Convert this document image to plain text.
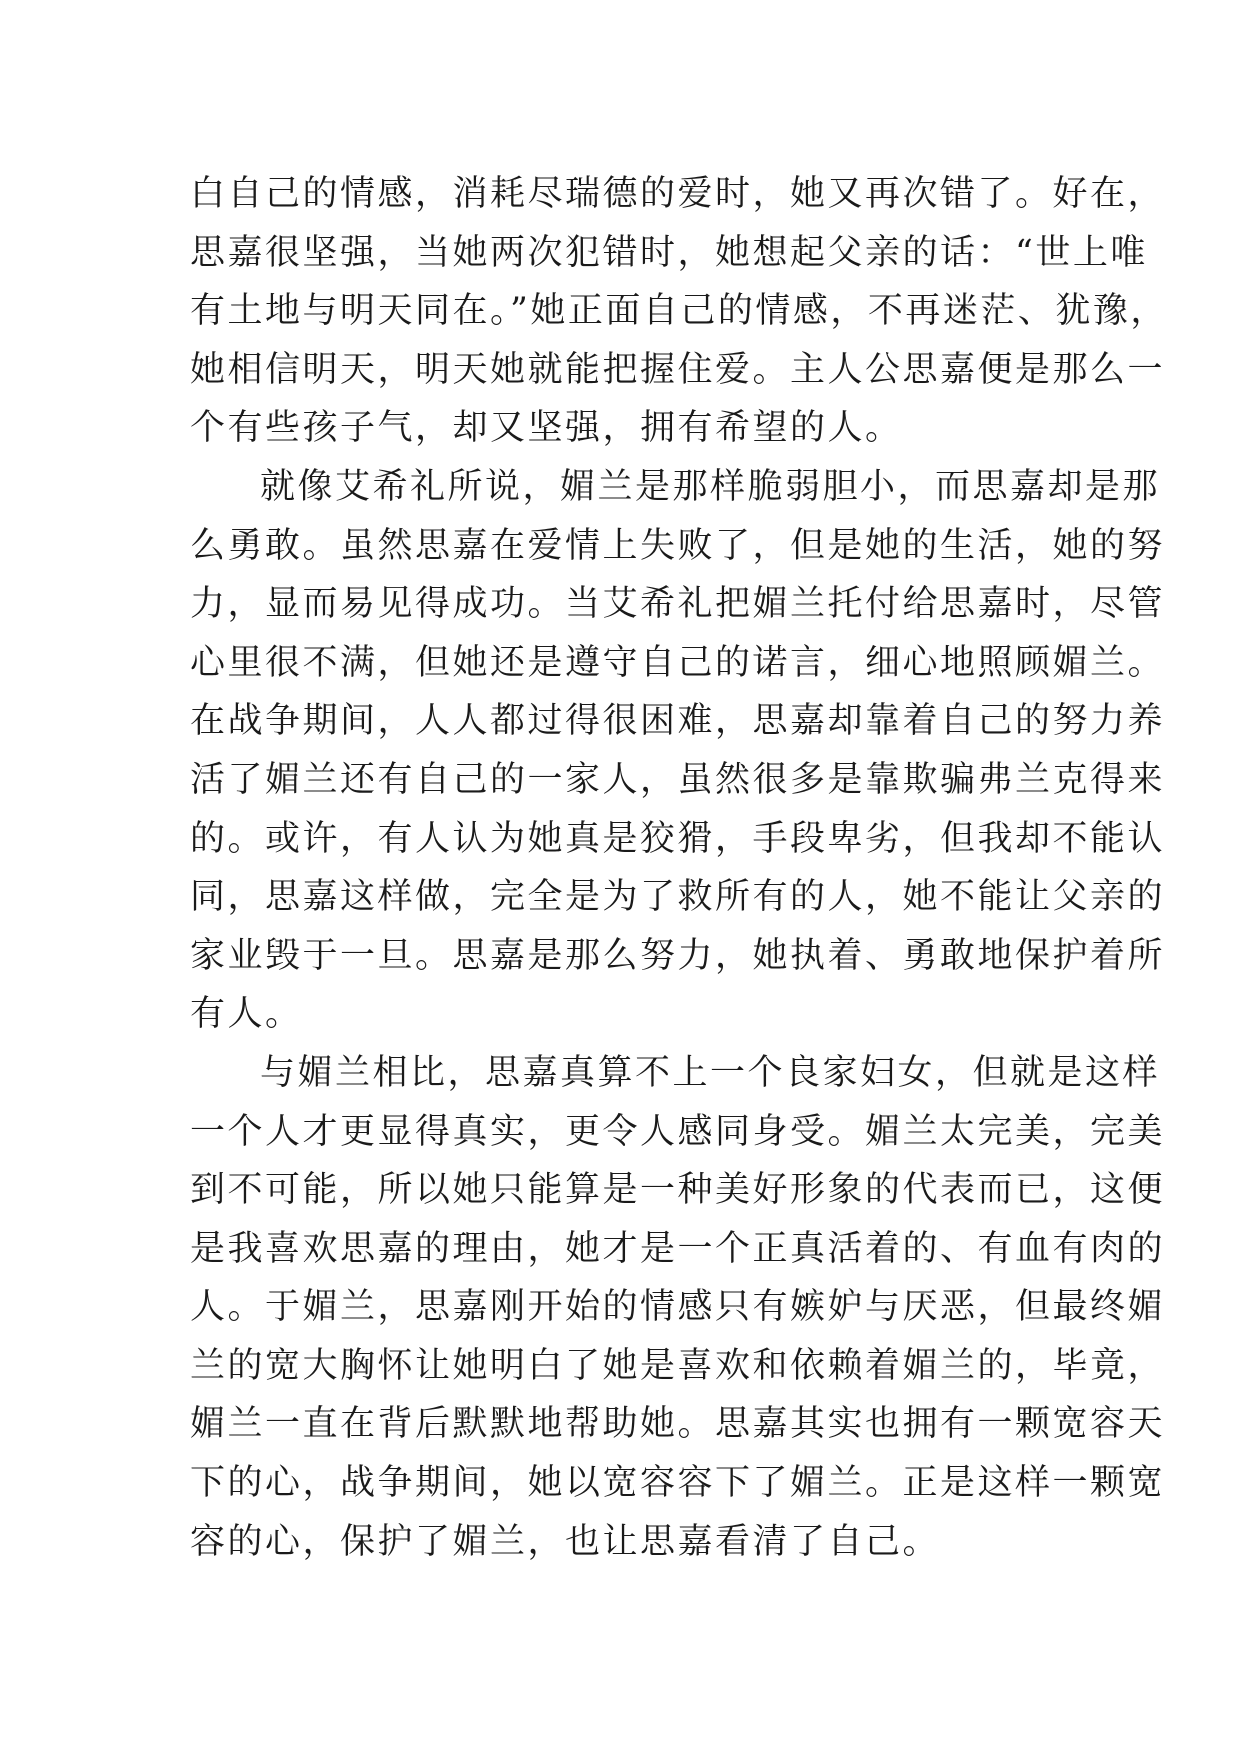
白自己的情感，消耗尽瑞德的爱时，她又再次错了。好在，
思嘉很坚强，当她两次犯错时，她想起父亲的话：“世上唯
有土地与明天同在。”她正面自己的情感，不再迷茫、犹豫，
她相信明天，明天她就能把握住爱。主人公思嘉便是那么一
个有些孩子气，却又坚强，拥有希望的人。
就像艾希礼所说，媚兰是那样脆弱胆小，而思嘉却是那
么勇敢。虽然思嘉在爱情上失败了，但是她的生活，她的努
力，显而易见得成功。当艾希礼把媚兰托付给思嘉时，尽管
心里很不满，但她还是遵守自己的诺言，细心地照顾媚兰。
在战争期间，人人都过得很困难，思嘉却靠着自己的努力养
活了媚兰还有自己的一家人，虽然很多是靠欺骗弗兰克得来
的。或许，有人认为她真是狡猾，手段卑劣，但我却不能认
同，思嘉这样做，完全是为了救所有的人，她不能让父亲的
家业毁于一旦。思嘉是那么努力，她执着、勇敢地保护着所
有人。
与媚兰相比，思嘉真算不上一个良家妇女，但就是这样
一个人才更显得真实，更令人感同身受。媚兰太完美，完美
到不可能，所以她只能算是一种美好形象的代表而已，这便
是我喜欢思嘉的理由，她才是一个正真活着的、有血有肉的
人。于媚兰，思嘉刚开始的情感只有嫉妒与厌恶，但最终媚
兰的宽大胸怀让她明白了她是喜欢和依赖着媚兰的，毕竟，
媚兰一直在背后默默地帮助她。思嘉其实也拥有一颗宽容天
下的心，战争期间，她以宽容容下了媚兰。正是这样一颗宽
容的心，保护了媚兰，也让思嘉看清了自己。
